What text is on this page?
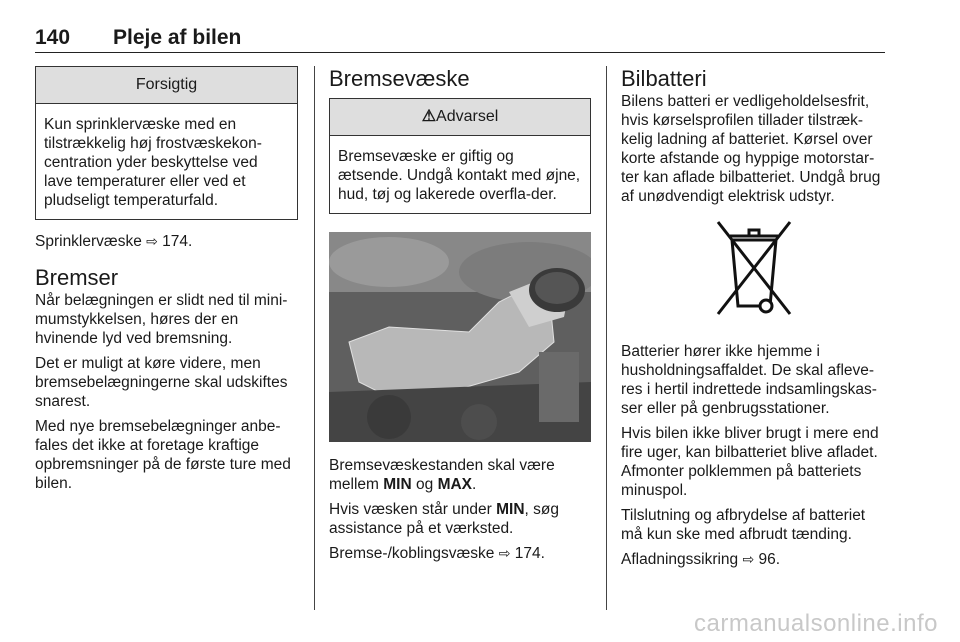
140 Pleje af bilen
Forsigtig
Kun sprinklervæske med en tilstrækkelig høj frostvæskekon-centration yder beskyttelse ved lave temperaturer eller ved et pludseligt temperaturfald.

Sprinklervæske ⇨ 174.

Bremser

Når belægningen er slidt ned til mini-mumstykkelsen, høres der en hvinende lyd ved bremsning.

Det er muligt at køre videre, men bremsebelægningerne skal udskiftes snarest.

Med nye bremsebelægninger anbe-fales det ikke at foretage kraftige opbremsninger på de første ture med bilen.

Bremsevæske
⚠Advarsel
Bremsevæske er giftig og ætsende. Undgå kontakt med øjne, hud, tøj og lakerede overfla-der.

Bremsevæskestanden skal være mellem MIN og MAX.

Hvis væsken står under MIN, søg assistance på et værksted.

Bremse-/koblingsvæske ⇨ 174.

Bilbatteri

Bilens batteri er vedligeholdelsesfrit, hvis kørselsprofilen tillader tilstræk-kelig ladning af batteriet. Kørsel over korte afstande og hyppige motorstar-ter kan aflade bilbatteriet. Undgå brug af unødvendigt elektrisk udstyr.

Batterier hører ikke hjemme i husholdningsaffaldet. De skal afleve-res i hertil indrettede indsamlingskas-ser eller på genbrugsstationer.

Hvis bilen ikke bliver brugt i mere end fire uger, kan bilbatteriet blive afladet. Afmonter polklemmen på batteriets minuspol.

Tilslutning og afbrydelse af batteriet må kun ske med afbrudt tænding.

Afladningssikring ⇨ 96.

carmanualsonline.info
